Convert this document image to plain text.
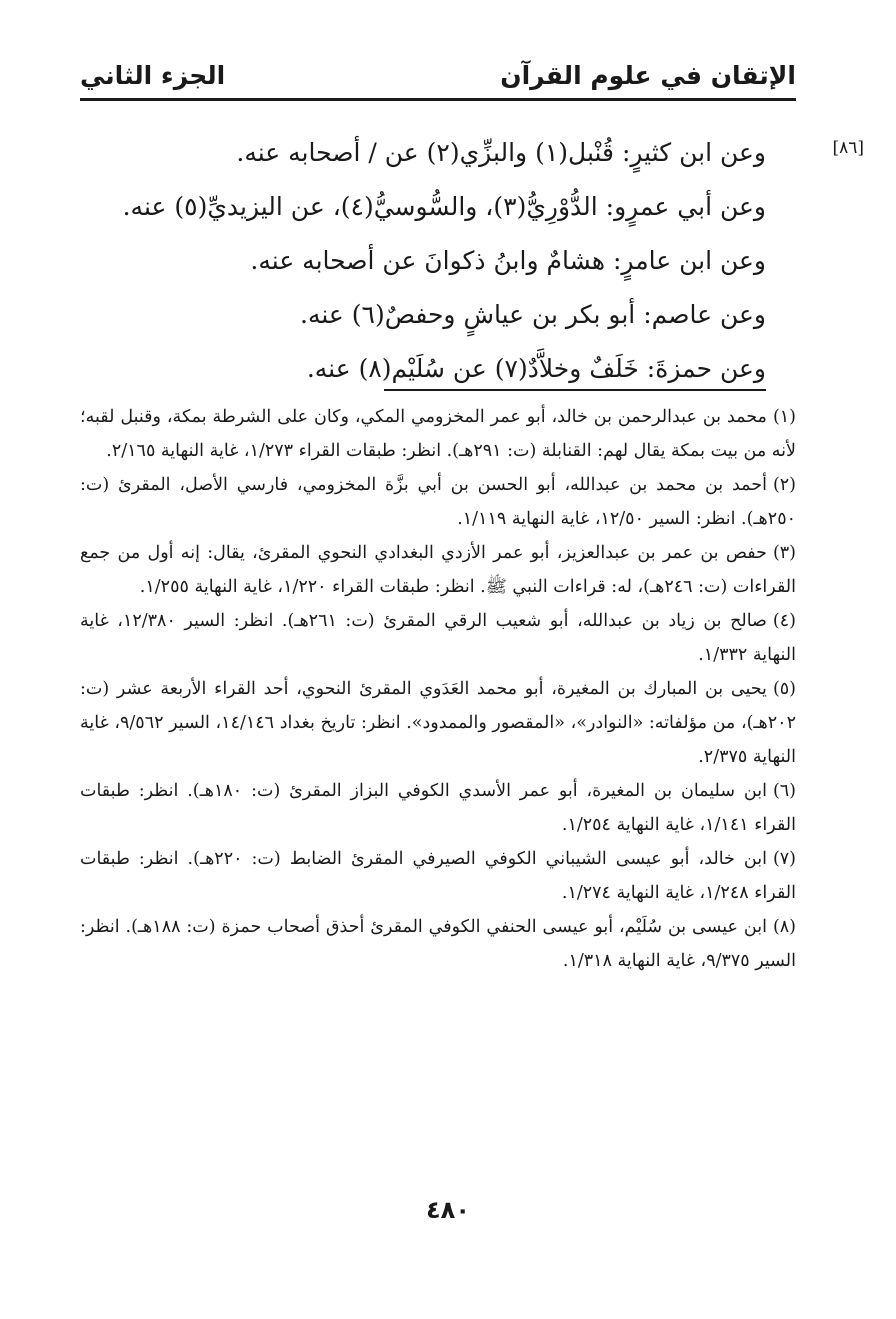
الإتقان في علوم القرآن
الجزء الثاني
[٨٦]
وعن ابن كثيرٍ: قُنْبل(١) والبزِّي(٢) عن / أصحابه عنه.
وعن أبي عمرٍو: الدُّوْرِيُّ(٣)، والسُّوسيُّ(٤)، عن اليزيديِّ(٥) عنه.
وعن ابن عامرٍ: هشامٌ وابنُ ذكوانَ عن أصحابه عنه.
وعن عاصم: أبو بكر بن عياشٍ وحفصٌ(٦) عنه.
وعن حمزةَ: خَلَفٌ وخلاَّدٌ(٧) عن سُلَيْم(٨) عنه.

(١)محمد بن عبدالرحمن بن خالد، أبو عمر المخزومي المكي، وكان على الشرطة بمكة، وقنبل لقبه؛ لأنه من بيت بمكة يقال لهم: القنابلة (ت: ٢٩١هـ). انظر: طبقات القراء ١/٢٧٣، غاية النهاية ٢/١٦٥.

(٢)أحمد بن محمد بن عبدالله، أبو الحسن بن أبي بزَّة المخزومي، فارسي الأصل، المقرئ (ت: ٢٥٠هـ). انظر: السير ١٢/٥٠، غاية النهاية ١/١١٩.

(٣)حفص بن عمر بن عبدالعزيز، أبو عمر الأزدي البغدادي النحوي المقرئ، يقال: إنه أول من جمع القراءات (ت: ٢٤٦هـ)، له: قراءات النبي ﷺ. انظر: طبقات القراء ١/٢٢٠، غاية النهاية ١/٢٥٥.

(٤)صالح بن زياد بن عبدالله، أبو شعيب الرقي المقرئ (ت: ٢٦١هـ). انظر: السير ١٢/٣٨٠، غاية النهاية ١/٣٣٢.

(٥)يحيى بن المبارك بن المغيرة، أبو محمد العَدَوي المقرئ النحوي، أحد القراء الأربعة عشر (ت: ٢٠٢هـ)، من مؤلفاته: «النوادر»، «المقصور والممدود». انظر: تاريخ بغداد ١٤/١٤٦، السير ٩/٥٦٢، غاية النهاية ٢/٣٧٥.

(٦)ابن سليمان بن المغيرة، أبو عمر الأسدي الكوفي البزاز المقرئ (ت: ١٨٠هـ). انظر: طبقات القراء ١/١٤١، غاية النهاية ١/٢٥٤.

(٧)ابن خالد، أبو عيسى الشيباني الكوفي الصيرفي المقرئ الضابط (ت: ٢٢٠هـ). انظر: طبقات القراء ١/٢٤٨، غاية النهاية ١/٢٧٤.

(٨)ابن عيسى بن سُلَيْم، أبو عيسى الحنفي الكوفي المقرئ أحذق أصحاب حمزة (ت: ١٨٨هـ). انظر: السير ٩/٣٧٥، غاية النهاية ١/٣١٨.

٤٨٠
